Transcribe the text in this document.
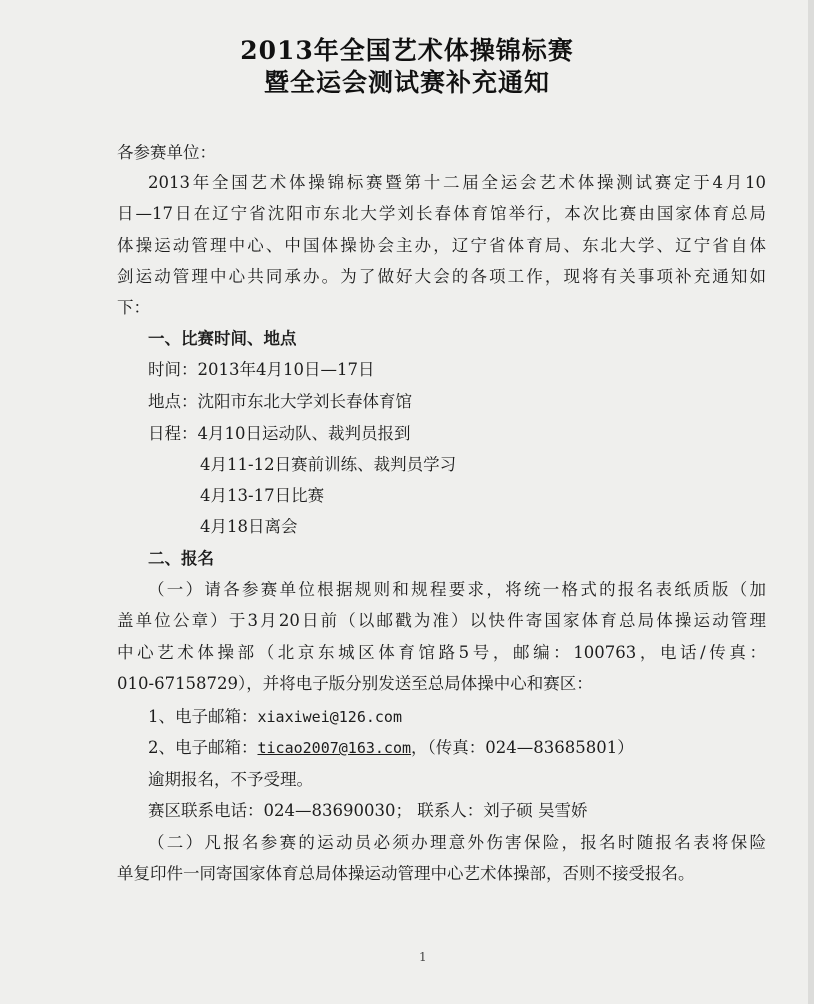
2013年全国艺术体操锦标赛
暨全运会测试赛补充通知
各参赛单位：
2013年全国艺术体操锦标赛暨第十二届全运会艺术体操测试赛定于4月10
日—17日在辽宁省沈阳市东北大学刘长春体育馆举行，本次比赛由国家体育总局
体操运动管理中心、中国体操协会主办，辽宁省体育局、东北大学、辽宁省自体
剑运动管理中心共同承办。为了做好大会的各项工作，现将有关事项补充通知如
下：
一、比赛时间、地点
时间：2013年4月10日—17日
地点：沈阳市东北大学刘长春体育馆
日程：4月10日运动队、裁判员报到
4月11-12日赛前训练、裁判员学习
4月13-17日比赛
4月18日离会
二、报名
（一）请各参赛单位根据规则和规程要求，将统一格式的报名表纸质版（加
盖单位公章）于3月20日前（以邮戳为准）以快件寄国家体育总局体操运动管理
中心艺术体操部（北京东城区体育馆路5号，邮编：100763，电话/传真：
010-67158729），并将电子版分别发送至总局体操中心和赛区：
1、电子邮箱：xiaxiwei@126.com
2、电子邮箱：ticao2007@163.com，（传真：024—83685801）
逾期报名，不予受理。
赛区联系电话：024—83690030； 联系人：刘子硕 吴雪娇
（二）凡报名参赛的运动员必须办理意外伤害保险，报名时随报名表将保险
单复印件一同寄国家体育总局体操运动管理中心艺术体操部，否则不接受报名。
1
